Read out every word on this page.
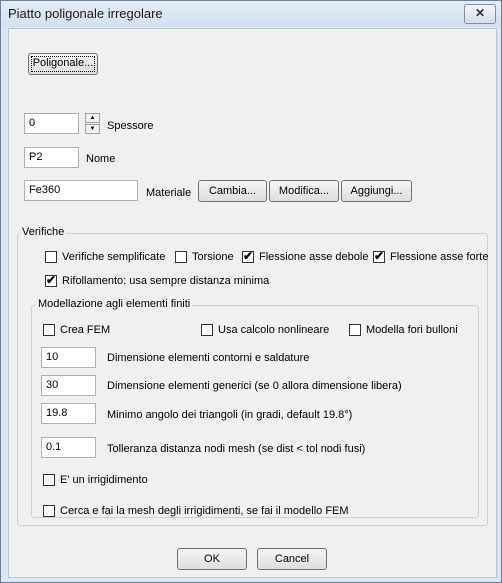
Piatto poligonale irregolare	✕
Poligonale...
0	▲
▼	Spessore
P2	Nome
Fe360	Materiale	Cambia...	Modifica...	Aggiungi...
Verifiche
Verifiche semplificate Torsione ✔ Flessione asse debole ✔ Flessione asse forte
✔ Rifollamento: usa sempre distanza minima
Modellazione agli elementi finiti
Crea FEM	Usa calcolo nonlineare	Modella fori bulloni
10	Dimensione elementi contorni e saldature
30	Dimensione elementi generici (se 0 allora dimensione libera)
19.8	Minimo angolo dei triangoli (in gradi, default 19.8°)
0.1	Tolleranza distanza nodi mesh (se dist < tol nodi fusi)
E' un irrigidimento
Cerca e fai la mesh degli irrigidimenti, se fai il modello FEM
OK	Cancel
